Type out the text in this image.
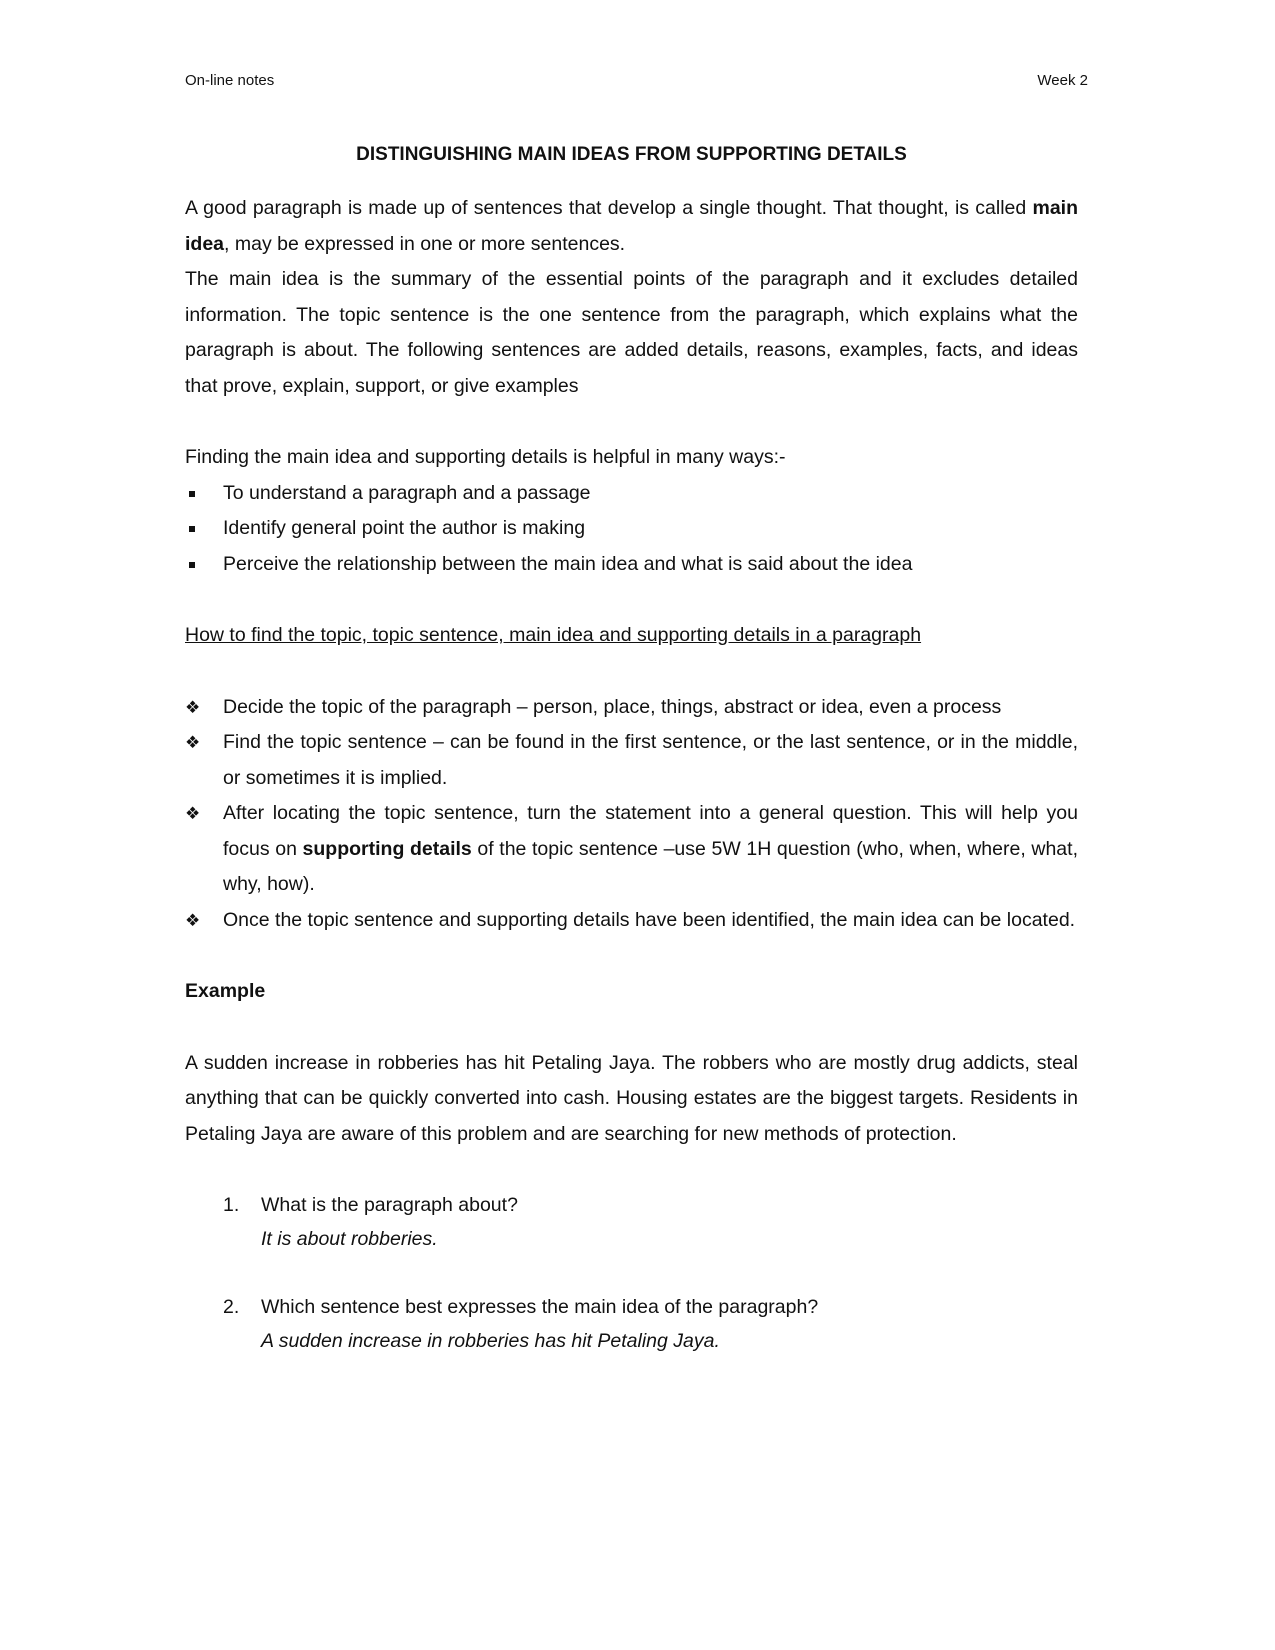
On-line notes	Week 2
DISTINGUISHING MAIN IDEAS FROM SUPPORTING DETAILS

A good paragraph is made up of sentences that develop a single thought. That thought, is called main idea, may be expressed in one or more sentences.

The main idea is the summary of the essential points of the paragraph and it excludes detailed information. The topic sentence is the one sentence from the paragraph, which explains what the paragraph is about. The following sentences are added details, reasons, examples, facts, and ideas that prove, explain, support, or give examples

Finding the main idea and supporting details is helpful in many ways:-

To understand a paragraph and a passage
Identify general point the author is making
Perceive the relationship between the main idea and what is said about the idea

How to find the topic, topic sentence, main idea and supporting details in a paragraph

❖ Decide the topic of the paragraph – person, place, things, abstract or idea, even a process
❖ Find the topic sentence – can be found in the first sentence, or the last sentence, or in the middle, or sometimes it is implied.
❖ After locating the topic sentence, turn the statement into a general question. This will help you focus on supporting details of the topic sentence –use 5W 1H question (who, when, where, what, why, how).
❖ Once the topic sentence and supporting details have been identified, the main idea can be located.

Example

A sudden increase in robberies has hit Petaling Jaya. The robbers who are mostly drug addicts, steal anything that can be quickly converted into cash. Housing estates are the biggest targets. Residents in Petaling Jaya are aware of this problem and are searching for new methods of protection.

1. What is the paragraph about?
It is about robberies.
2. Which sentence best expresses the main idea of the paragraph?
A sudden increase in robberies has hit Petaling Jaya.
